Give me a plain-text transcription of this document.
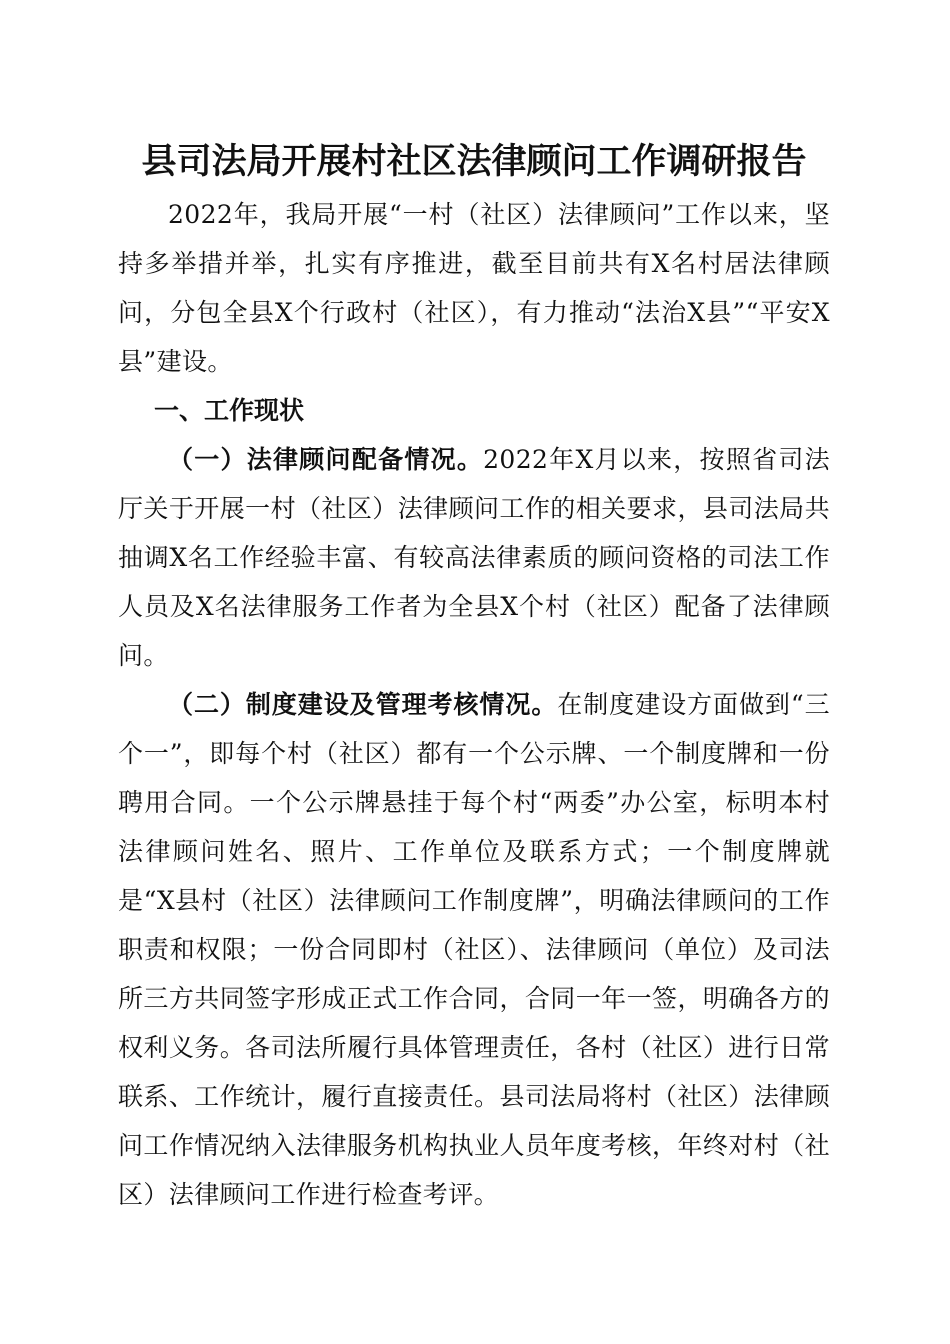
县司法局开展村社区法律顾问工作调研报告

2022年，我局开展“一村（社区）法律顾问”工作以来，坚持多举措并举，扎实有序推进，截至目前共有X名村居法律顾问，分包全县X个行政村（社区），有力推动“法治X县”“平安X县”建设。

一、工作现状

（一）法律顾问配备情况。2022年X月以来，按照省司法厅关于开展一村（社区）法律顾问工作的相关要求，县司法局共抽调X名工作经验丰富、有较高法律素质的顾问资格的司法工作人员及X名法律服务工作者为全县X个村（社区）配备了法律顾问。

（二）制度建设及管理考核情况。在制度建设方面做到“三个一”，即每个村（社区）都有一个公示牌、一个制度牌和一份聘用合同。一个公示牌悬挂于每个村“两委”办公室，标明本村法律顾问姓名、照片、工作单位及联系方式；一个制度牌就是“X县村（社区）法律顾问工作制度牌”，明确法律顾问的工作职责和权限；一份合同即村（社区）、法律顾问（单位）及司法所三方共同签字形成正式工作合同，合同一年一签，明确各方的权利义务。各司法所履行具体管理责任，各村（社区）进行日常联系、工作统计，履行直接责任。县司法局将村（社区）法律顾问工作情况纳入法律服务机构执业人员年度考核，年终对村（社区）法律顾问工作进行检查考评。
